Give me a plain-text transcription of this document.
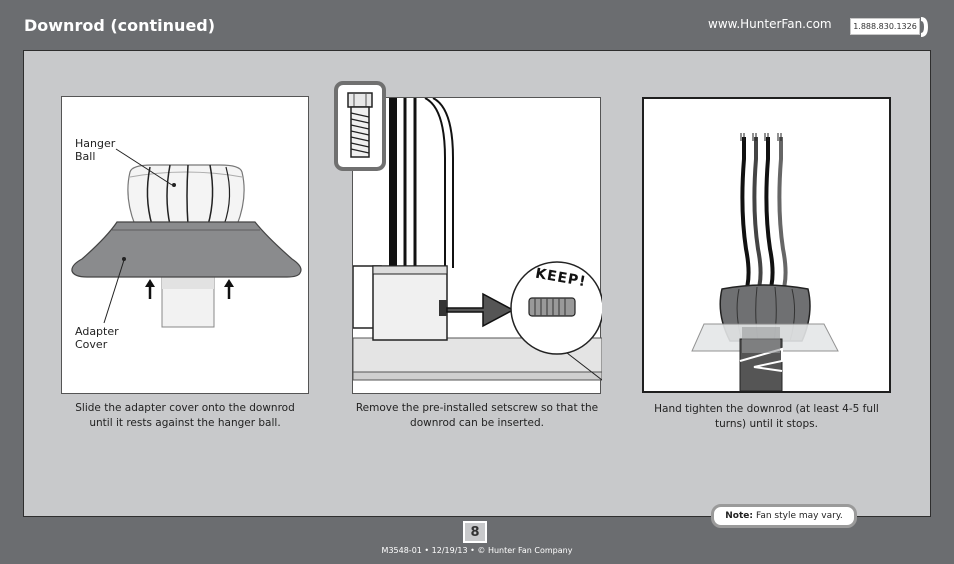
Downrod (continued)	www.HunterFan.com	1.888.830.1326
Hanger
Ball
Adapter
Cover
Slide the adapter cover onto the downrod until it rests against the hanger ball.
KEEP!
Remove the pre-installed setscrew so that the downrod can be inserted.
Hand tighten the downrod (at least 4-5 full turns) until it stops.
Note: Fan style may vary.
8
M3548-01 • 12/19/13 • © Hunter Fan Company
